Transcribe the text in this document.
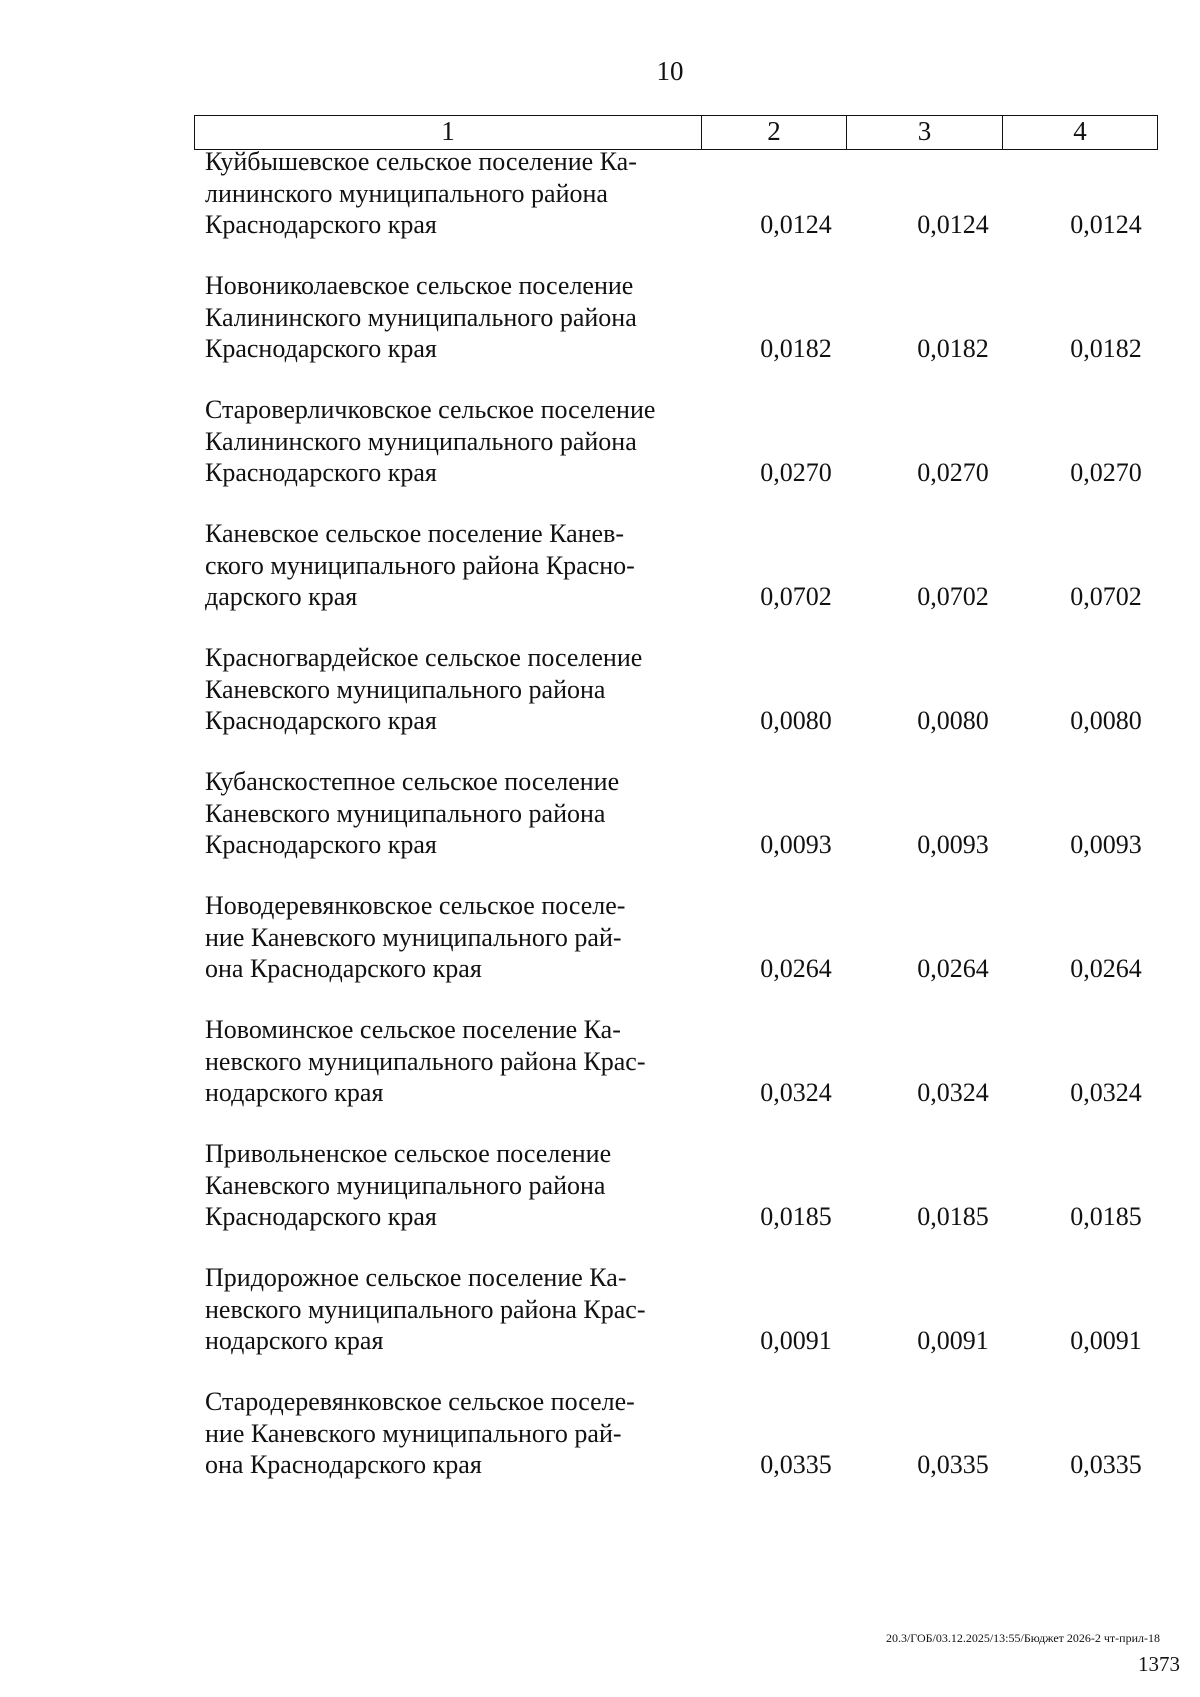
10
1	2	3	4
Куйбышевское сельское поселение Ка-
лининского муниципального района
Краснодарского края	0,0124	0,0124	0,0124
Новониколаевское сельское поселение
Калининского муниципального района
Краснодарского края	0,0182	0,0182	0,0182
Староверличковское сельское поселение
Калининского муниципального района
Краснодарского края	0,0270	0,0270	0,0270
Каневское сельское поселение Канев-
ского муниципального района Красно-
дарского края	0,0702	0,0702	0,0702
Красногвардейское сельское поселение
Каневского муниципального района
Краснодарского края	0,0080	0,0080	0,0080
Кубанскостепное сельское поселение
Каневского муниципального района
Краснодарского края	0,0093	0,0093	0,0093
Новодеревянковское сельское поселе-
ние Каневского муниципального рай-
она Краснодарского края	0,0264	0,0264	0,0264
Новоминское сельское поселение Ка-
невского муниципального района Крас-
нодарского края	0,0324	0,0324	0,0324
Привольненское сельское поселение
Каневского муниципального района
Краснодарского края	0,0185	0,0185	0,0185
Придорожное сельское поселение Ка-
невского муниципального района Крас-
нодарского края	0,0091	0,0091	0,0091
Стародеревянковское сельское поселе-
ние Каневского муниципального рай-
она Краснодарского края	0,0335	0,0335	0,0335
20.3/ГОБ/03.12.2025/13:55/Бюджет 2026-2 чт-прил-18
1373
